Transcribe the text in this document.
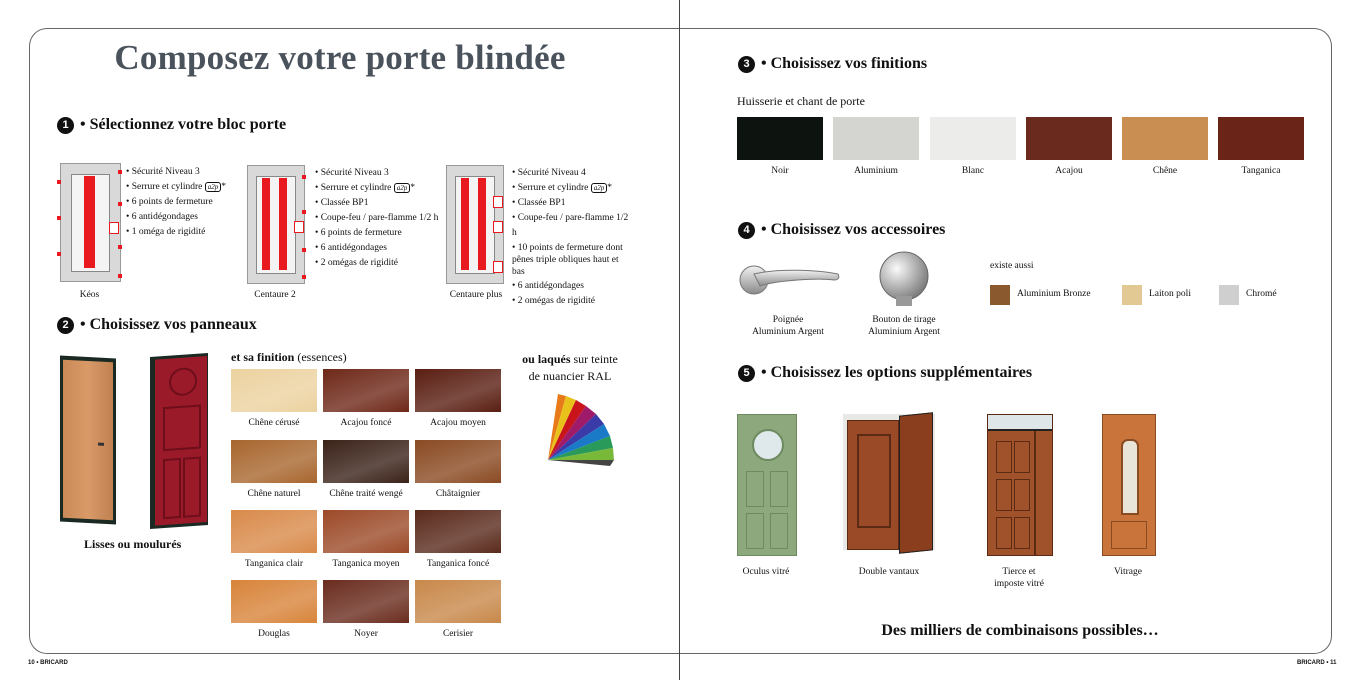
Composez votre porte blindée
1 • Sélectionnez votre bloc porte
• Sécurité Niveau 3
• Serrure et cylindre a2p *
• 6 points de fermeture
• 6 antidégondages
• 1 oméga de rigidité
Kéos
• Sécurité Niveau 3
• Serrure et cylindre a2p *
• Classée BP1
• Coupe-feu / pare-flamme 1/2 h
• 6 points de fermeture
• 6 antidégondages
• 2 omégas de rigidité
Centaure 2
• Sécurité Niveau 4
• Serrure et cylindre a2p *
• Classée BP1
• Coupe-feu / pare-flamme 1/2 h
• 10 points de fermeture dont pênes triple obliques haut et bas
• 6 antidégondages
• 2 omégas de rigidité
Centaure plus
2 • Choisissez vos panneaux
Lisses ou moulurés
et sa finition (essences)
Chêne cérusé	Acajou foncé	Acajou moyen
Chêne naturel	Chêne traité wengé	Châtaignier
Tanganica clair	Tanganica moyen	Tanganica foncé
Douglas	Noyer	Cerisier
ou laqués sur teinte
de nuancier RAL
3 • Choisissez vos finitions
Huisserie et chant de porte
Noir	Aluminium	Blanc	Acajou	Chêne	Tanganica
4 • Choisissez vos accessoires
Poignée
Aluminium Argent
Bouton de tirage
Aluminium Argent
existe aussi
Aluminium Bronze	Laiton poli	Chromé
5 • Choisissez les options supplémentaires
Oculus vitré	Double vantaux	Tierce et
imposte vitré
Vitrage
Des milliers de combinaisons possibles…
10 • BRICARD	BRICARD • 11
